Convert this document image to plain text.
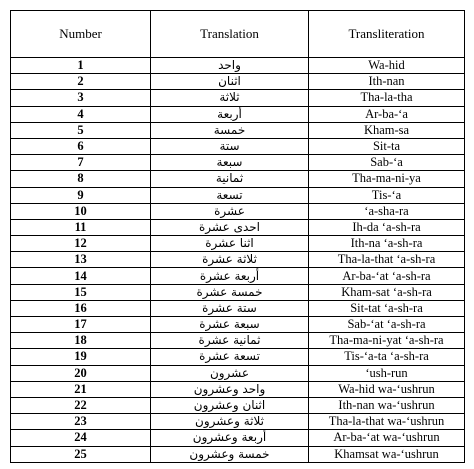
Number	Translation	Transliteration
1	واحد	Wa-hid
2	اثنان	Ith-nan
3	ثلاثة	Tha-la-tha
4	أربعة	Ar-ba-‘a
5	خمسة	Kham-sa
6	ستة	Sit-ta
7	سبعة	Sab-‘a
8	ثمانية	Tha-ma-ni-ya
9	تسعة	Tis-‘a
10	عشرة	‘a-sha-ra
11	احدى عشرة	Ih-da ‘a-sh-ra
12	اثنا عشرة	Ith-na ‘a-sh-ra
13	ثلاثة عشرة	Tha-la-that ‘a-sh-ra
14	أربعة عشرة	Ar-ba-‘at ‘a-sh-ra
15	خمسة عشرة	Kham-sat ‘a-sh-ra
16	ستة عشرة	Sit-tat ‘a-sh-ra
17	سبعة عشرة	Sab-‘at ‘a-sh-ra
18	ثمانية عشرة	Tha-ma-ni-yat ‘a-sh-ra
19	تسعة عشرة	Tis-‘a-ta ‘a-sh-ra
20	عشرون	‘ush-run
21	واحد وعشرون	Wa-hid wa-‘ushrun
22	اثنان وعشرون	Ith-nan wa-‘ushrun
23	ثلاثة وعشرون	Tha-la-that wa-‘ushrun
24	أربعة وعشرون	Ar-ba-‘at wa-‘ushrun
25	خمسة وعشرون	Khamsat wa-‘ushrun
